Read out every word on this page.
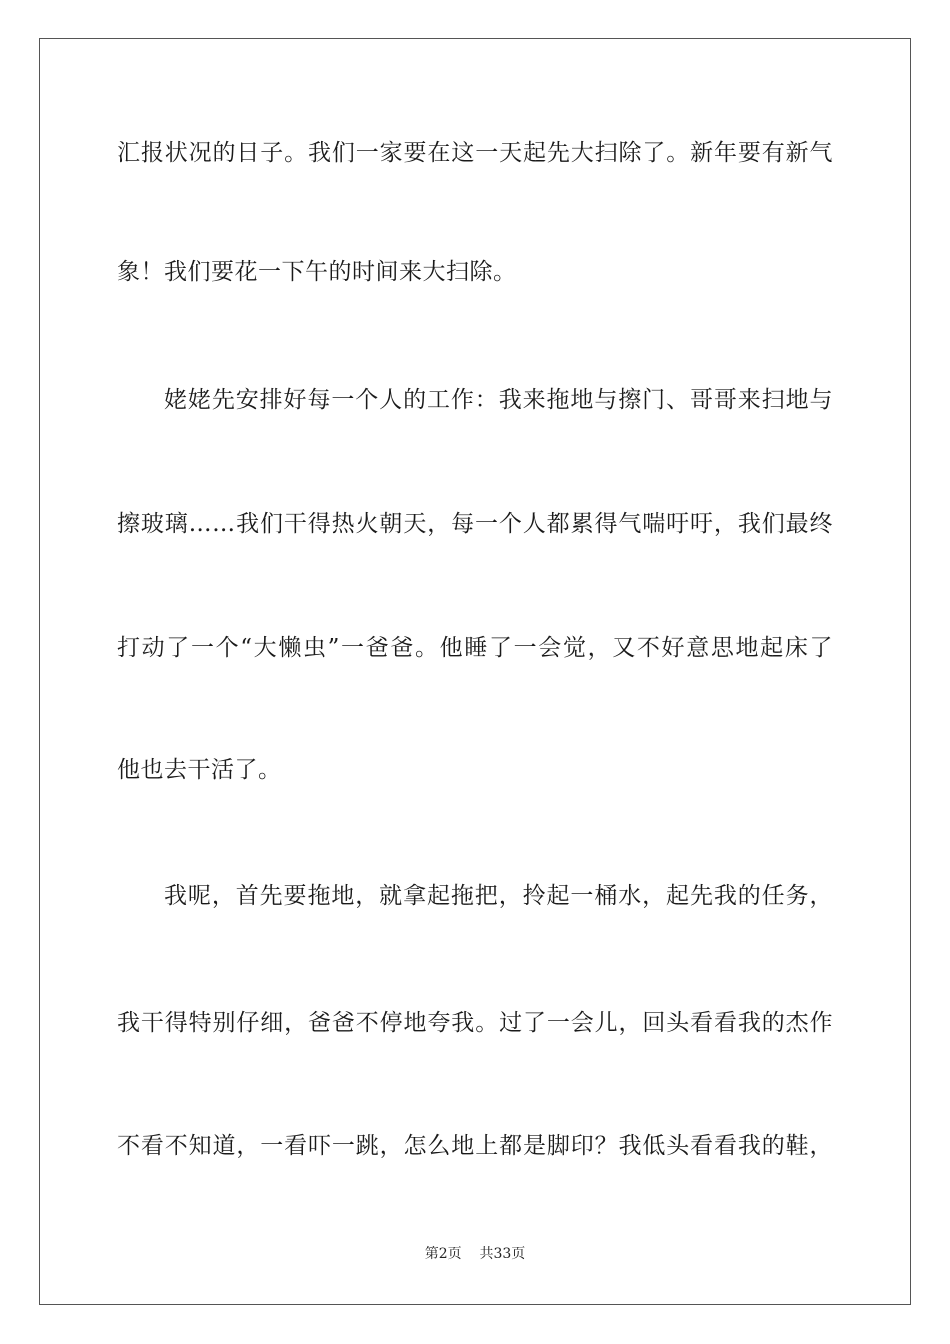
汇报状况的日子。我们一家要在这一天起先大扫除了。新年要有新气
象！我们要花一下午的时间来大扫除。
姥姥先安排好每一个人的工作：我来拖地与擦门、哥哥来扫地与
擦玻璃……我们干得热火朝天，每一个人都累得气喘吁吁，我们最终
打动了一个“大懒虫”一爸爸。他睡了一会觉，又不好意思地起床了
他也去干活了。
我呢，首先要拖地，就拿起拖把，拎起一桶水，起先我的任务，
我干得特别仔细，爸爸不停地夸我。过了一会儿，回头看看我的杰作
不看不知道，一看吓一跳，怎么地上都是脚印？我低头看看我的鞋，
第2页 共33页
